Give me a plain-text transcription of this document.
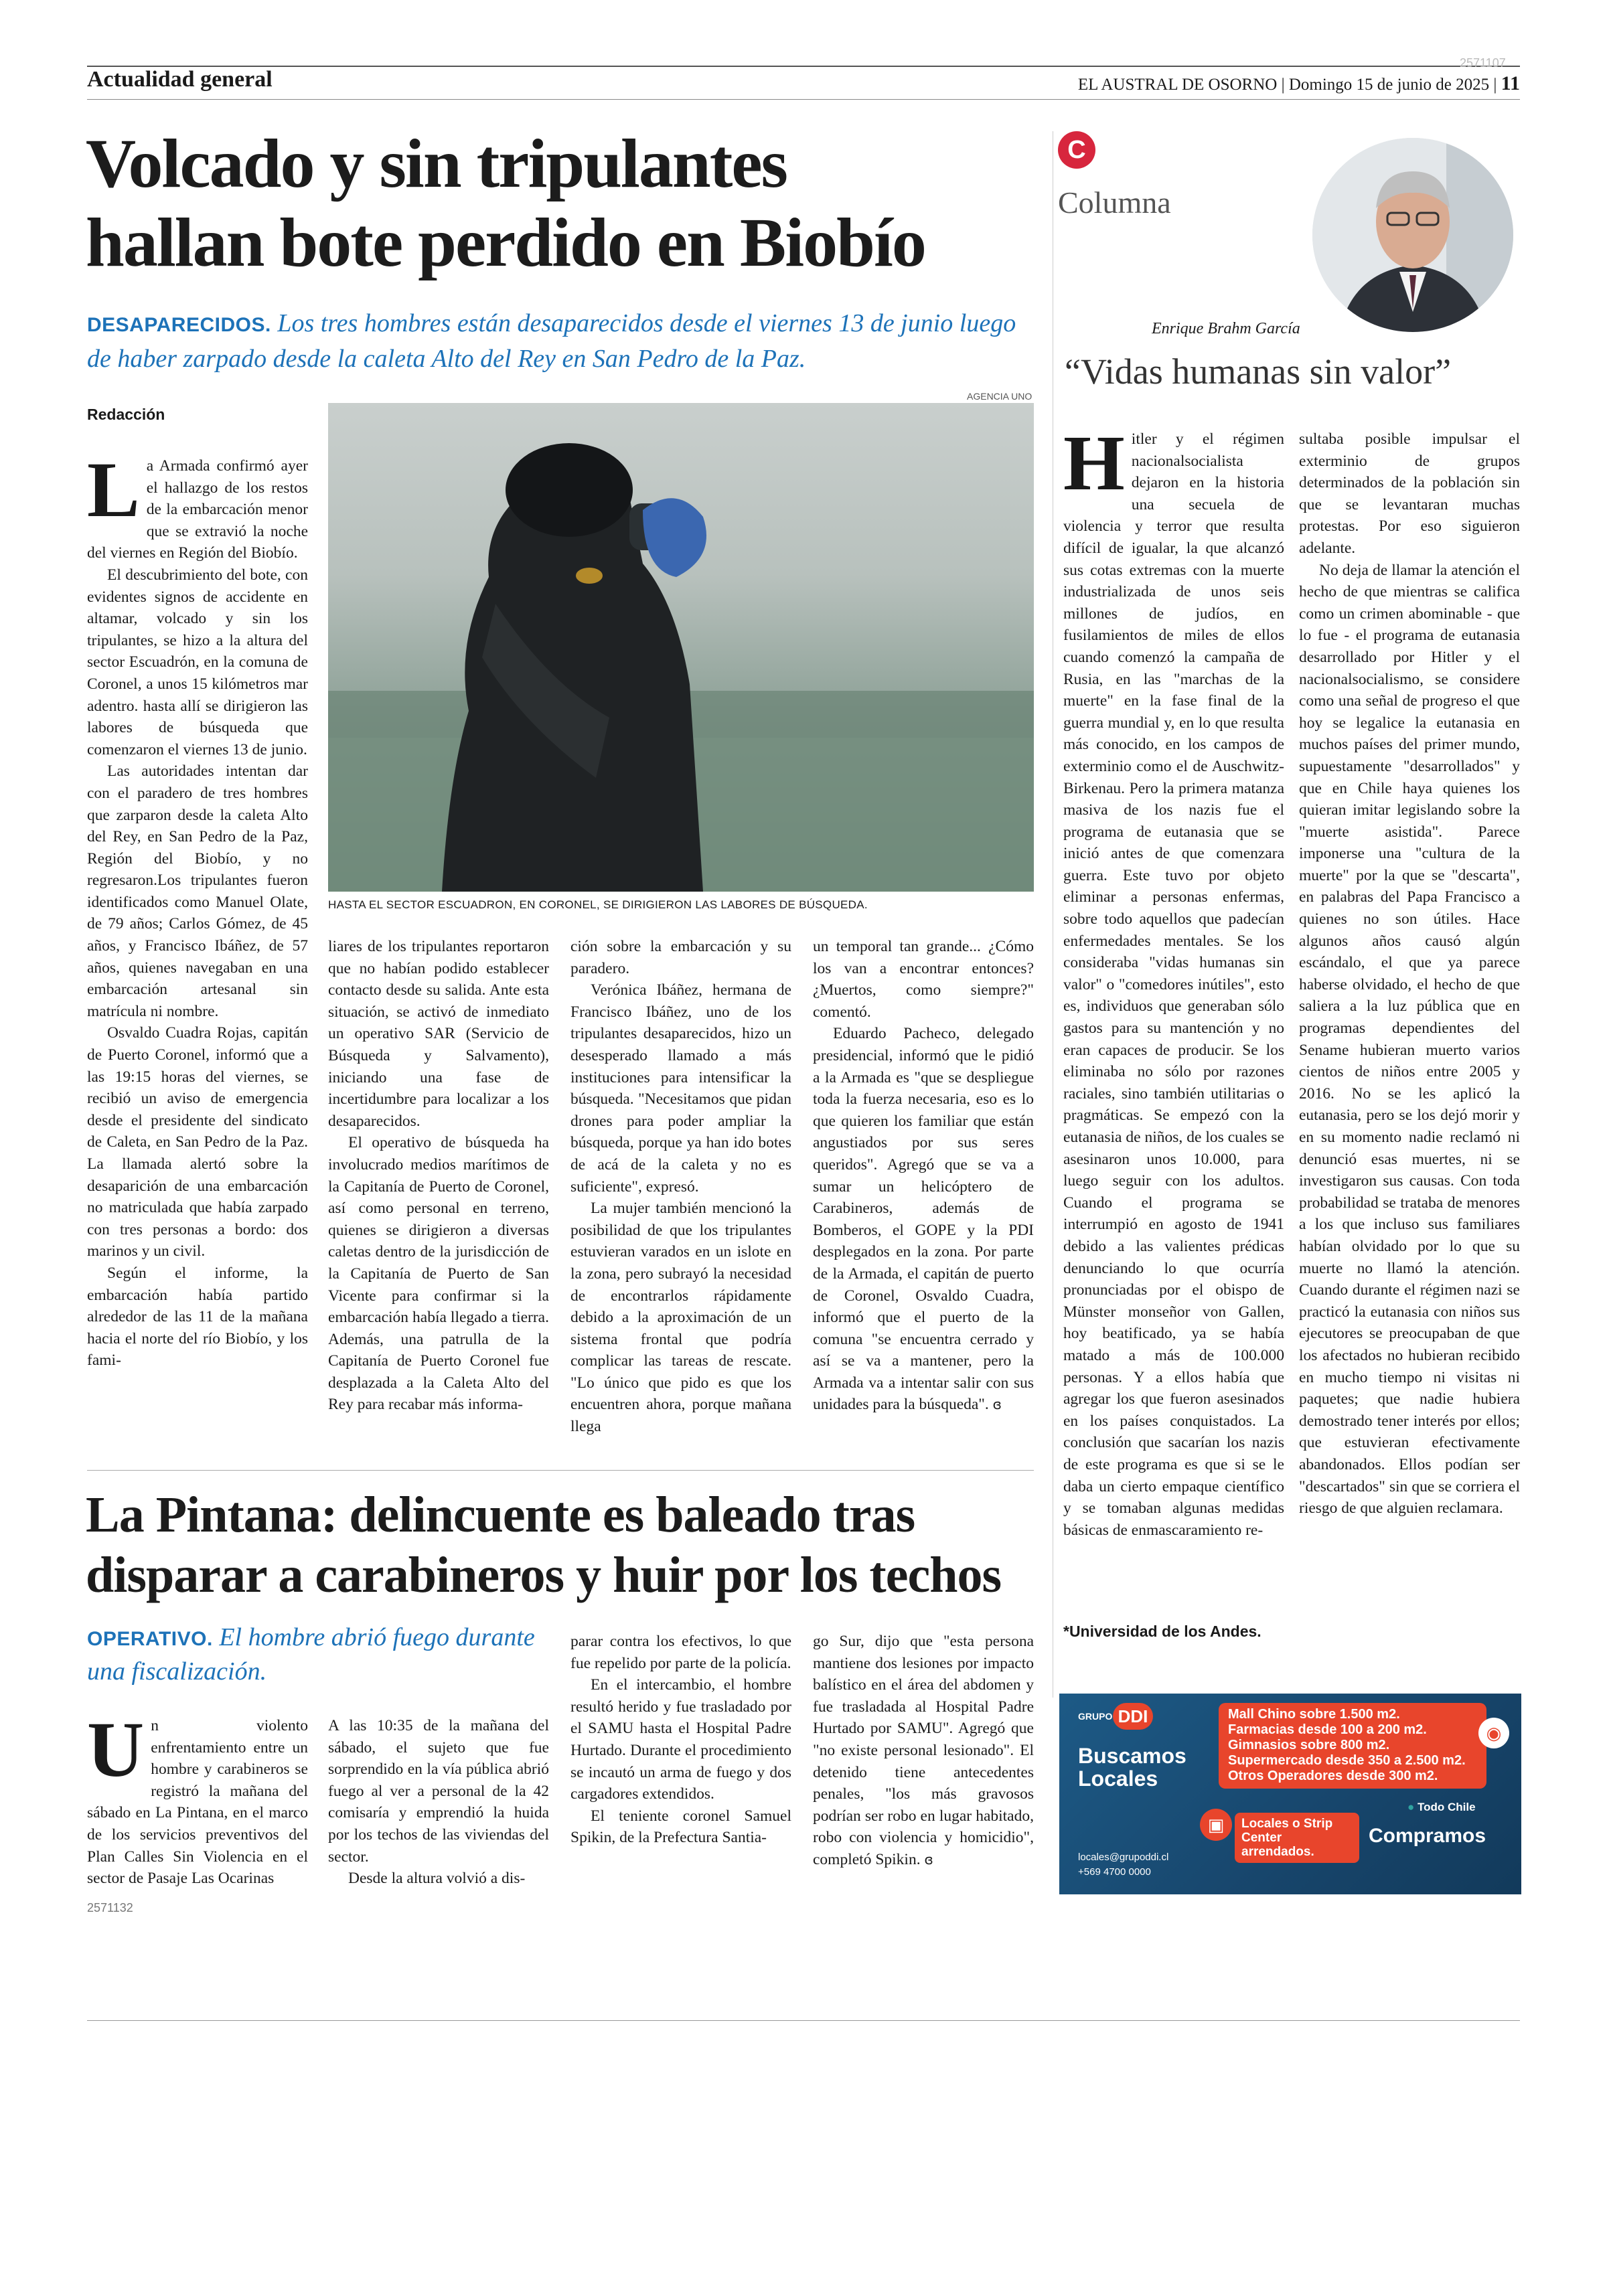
Actualidad general
2571107
EL AUSTRAL DE OSORNO | Domingo 15 de junio de 2025 | 11
Volcado y sin tripulantes
hallan bote perdido en Biobío
DESAPARECIDOS. Los tres hombres están desaparecidos desde el viernes 13 de junio luego de haber zarpado desde la caleta Alto del Rey en San Pedro de la Paz.
Redacción
AGENCIA UNO
HASTA EL SECTOR ESCUADRON, EN CORONEL, SE DIRIGIERON LAS LABORES DE BÚSQUEDA.

La Armada confirmó ayer el hallazgo de los restos de la embarcación menor que se extravió la noche del viernes en Región del Biobío.

El descubrimiento del bote, con evidentes signos de accidente en altamar, volcado y sin los tripulantes, se hizo a la altura del sector Escuadrón, en la comuna de Coronel, a unos 15 kilómetros mar adentro. hasta allí se dirigieron las labores de búsqueda que comenzaron el viernes 13 de junio.

Las autoridades intentan dar con el paradero de tres hombres que zarparon desde la caleta Alto del Rey, en San Pedro de la Paz, Región del Biobío, y no regresaron.Los tripulantes fueron identificados como Manuel Olate, de 79 años; Carlos Gómez, de 45 años, y Francisco Ibáñez, de 57 años, quienes navegaban en una embarcación artesanal sin matrícula ni nombre.

Osvaldo Cuadra Rojas, capitán de Puerto Coronel, informó que a las 19:15 horas del viernes, se recibió un aviso de emergencia desde el presidente del sindicato de Caleta, en San Pedro de la Paz. La llamada alertó sobre la desaparición de una embarcación no matriculada que había zarpado con tres personas a bordo: dos marinos y un civil.

Según el informe, la embarcación había partido alrededor de las 11 de la mañana hacia el norte del río Biobío, y los fami-

liares de los tripulantes reportaron que no habían podido establecer contacto desde su salida. Ante esta situación, se activó de inmediato un operativo SAR (Servicio de Búsqueda y Salvamento), iniciando una fase de incertidumbre para localizar a los desaparecidos.

El operativo de búsqueda ha involucrado medios marítimos de la Capitanía de Puerto de Coronel, así como personal en terreno, quienes se dirigieron a diversas caletas dentro de la jurisdicción de la Capitanía de Puerto de San Vicente para confirmar si la embarcación había llegado a tierra. Además, una patrulla de la Capitanía de Puerto Coronel fue desplazada a la Caleta Alto del Rey para recabar más informa-

ción sobre la embarcación y su paradero.

Verónica Ibáñez, hermana de Francisco Ibáñez, uno de los tripulantes desaparecidos, hizo un desesperado llamado a más instituciones para intensificar la búsqueda. "Necesitamos que pidan drones para poder ampliar la búsqueda, porque ya han ido botes de acá de la caleta y no es suficiente", expresó.

La mujer también mencionó la posibilidad de que los tripulantes estuvieran varados en un islote en la zona, pero subrayó la necesidad de encontrarlos rápidamente debido a la aproximación de un sistema frontal que podría complicar las tareas de rescate. "Lo único que pido es que los encuentren ahora, porque mañana llega

un temporal tan grande... ¿Cómo los van a encontrar entonces? ¿Muertos, como siempre?" comentó.

Eduardo Pacheco, delegado presidencial, informó que le pidió a la Armada es "que se despliegue toda la fuerza necesaria, eso es lo que quieren los familiar que están angustiados por sus seres queridos". Agregó que se va a sumar un helicóptero de Carabineros, además de Bomberos, el GOPE y la PDI desplegados en la zona. Por parte de la Armada, el capitán de puerto de Coronel, Osvaldo Cuadra, informó que el puerto de la comuna "se encuentra cerrado y así se va a mantener, pero la Armada va a intentar salir con sus unidades para la búsqueda". ɞ

C
Columna
Enrique Brahm García
“Vidas humanas sin valor”

Hitler y el régimen nacionalsocialista dejaron en la historia una secuela de violencia y terror que resulta difícil de igualar, la que alcanzó sus cotas extremas con la muerte industrializada de unos seis millones de judíos, en fusilamientos de miles de ellos cuando comenzó la campaña de Rusia, en las "marchas de la muerte" en la fase final de la guerra mundial y, en lo que resulta más conocido, en los campos de exterminio como el de Auschwitz-Birkenau. Pero la primera matanza masiva de los nazis fue el programa de eutanasia que se inició antes de que comenzara guerra. Este tuvo por objeto eliminar a personas enfermas, sobre todo aquellos que padecían enfermedades mentales. Se los consideraba "vidas humanas sin valor" o "comedores inútiles", esto es, individuos que generaban sólo gastos para su mantención y no eran capaces de producir. Se los eliminaba no sólo por razones raciales, sino también utilitarias o pragmáticas. Se empezó con la eutanasia de niños, de los cuales se asesinaron unos 10.000, para luego seguir con los adultos. Cuando el programa se interrumpió en agosto de 1941 debido a las valientes prédicas denunciando lo que ocurría pronunciadas por el obispo de Münster monseñor von Gallen, hoy beatificado, ya se había matado a más de 100.000 personas. Y a ellos había que agregar los que fueron asesinados en los países conquistados. La conclusión que sacarían los nazis de este programa es que si se le daba un cierto empaque científico y se tomaban algunas medidas básicas de enmascaramiento re-

sultaba posible impulsar el exterminio de grupos determinados de la población sin que se levantaran muchas protestas. Por eso siguieron adelante.

No deja de llamar la atención el hecho de que mientras se califica como un crimen abominable - que lo fue - el programa de eutanasia desarrollado por Hitler y el nacionalsocialismo, se considere como una señal de progreso el que hoy se legalice la eutanasia en muchos países del primer mundo, supuestamente "desarrollados" y que en Chile haya quienes los quieran imitar legislando sobre la "muerte asistida". Parece imponerse una "cultura de la muerte" por la que se "descarta", en palabras del Papa Francisco a quienes no son útiles. Hace algunos años causó algún escándalo, el que ya parece haberse olvidado, el hecho de que saliera a la luz pública que en programas dependientes del Sename hubieran muerto varios cientos de niños entre 2005 y 2016. No se les aplicó la eutanasia, pero se los dejó morir y en su momento nadie reclamó ni denunció esas muertes, ni se investigaron sus causas. Con toda probabilidad se trataba de menores a los que incluso sus familiares habían olvidado por lo que su muerte no llamó la atención. Cuando durante el régimen nazi se practicó la eutanasia con niños sus ejecutores se preocupaban de que los afectados no hubieran recibido en mucho tiempo ni visitas ni paquetes; que nadie hubiera demostrado tener interés por ellos; que estuvieran efectivamente abandonados. Ellos podían ser "descartados" sin que se corriera el riesgo de que alguien reclamara.

*Universidad de los Andes.
La Pintana: delincuente es baleado tras
disparar a carabineros y huir por los techos
OPERATIVO. El hombre abrió fuego durante una fiscalización.

Un violento enfrentamiento entre un hombre y carabineros se registró la mañana del sábado en La Pintana, en el marco de los servicios preventivos del Plan Calles Sin Violencia en el sector de Pasaje Las Ocarinas

2571132

A las 10:35 de la mañana del sábado, el sujeto que fue sorprendido en la vía pública abrió fuego al ver a personal de la 42 comisaría y emprendió la huida por los techos de las viviendas del sector.

Desde la altura volvió a dis-

parar contra los efectivos, lo que fue repelido por parte de la policía.

En el intercambio, el hombre resultó herido y fue trasladado por el SAMU hasta el Hospital Padre Hurtado. Durante el procedimiento se incautó un arma de fuego y dos cargadores extendidos.

El teniente coronel Samuel Spikin, de la Prefectura Santia-

go Sur, dijo que "esta persona mantiene dos lesiones por impacto balístico en el área del abdomen y fue trasladada al Hospital Padre Hurtado por SAMU". Agregó que "no existe personal lesionado". El detenido tiene antecedentes penales, "los más gravosos podrían ser robo en lugar habitado, robo con violencia y homicidio", completó Spikin. ɞ

GRUPO DDI
Buscamos Locales
Mall Chino sobre 1.500 m2.
Farmacias desde 100 a 200 m2.
Gimnasios sobre 800 m2.
Supermercado desde 350 a 2.500 m2.
Otros Operadores desde 300 m2.
◉
● Todo Chile
▣	Locales o Strip Center arrendados.
Compramos
locales@grupoddi.cl
+569 4700 0000
